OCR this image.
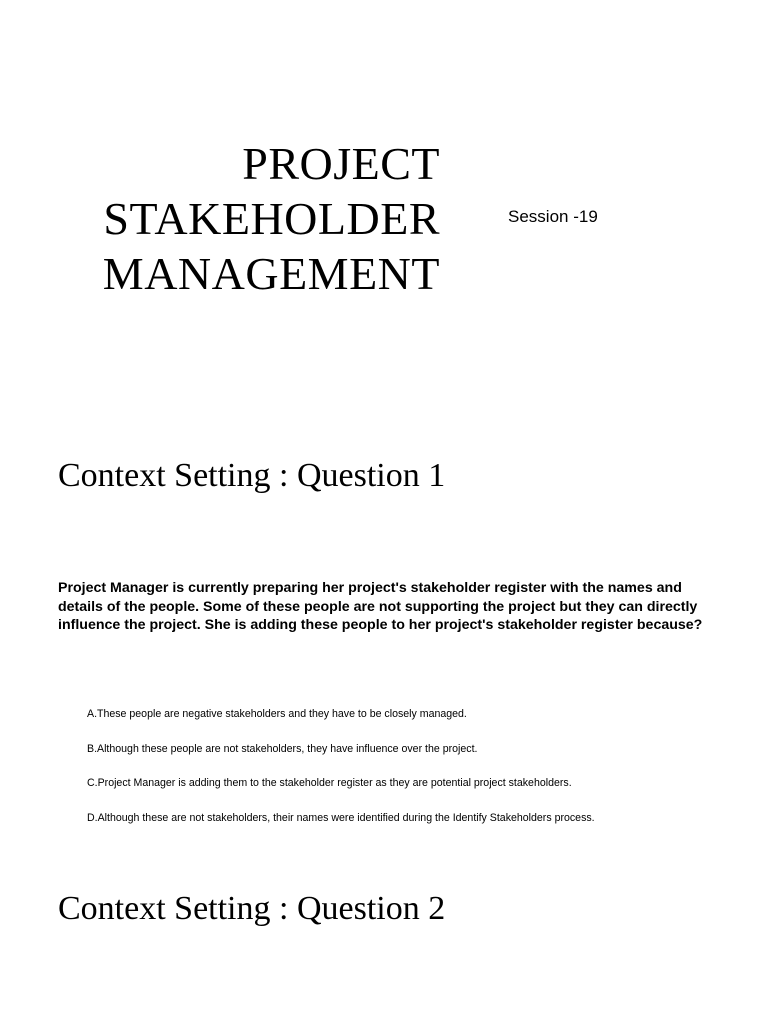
PROJECT
STAKEHOLDER
MANAGEMENT
Session -19
Context Setting : Question 1

Project Manager is currently preparing her project's stakeholder register with the names and details of the people. Some of these people are not supporting the project but they can directly influence the project. She is adding these people to her project's stakeholder register because?

A.These people are negative stakeholders and they have to be closely managed.
B.Although these people are not stakeholders, they have influence over the project.
C.Project Manager is adding them to the stakeholder register as they are potential project stakeholders.
D.Although these are not stakeholders, their names were identified during the Identify Stakeholders process.
Context Setting : Question 2
